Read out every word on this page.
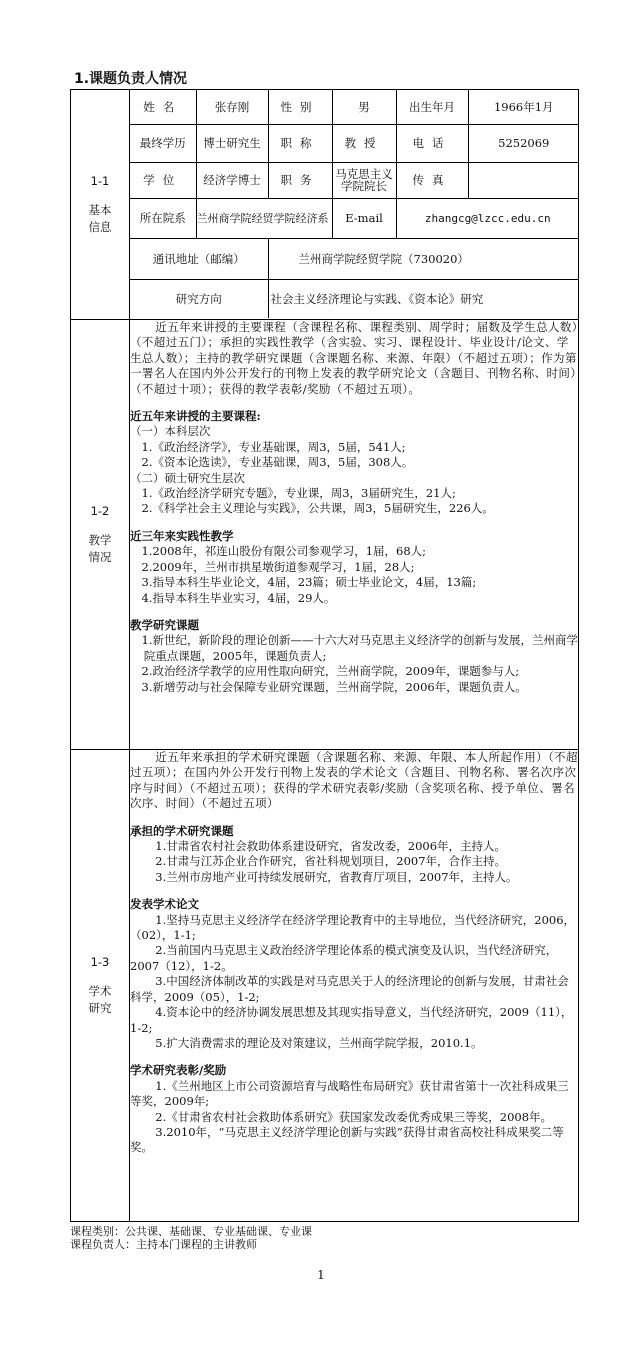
1.课题负责人情况
1-1
基本信息

姓名	张存刚	性别	男	出生年月	1966年1月
最终学历	博士研究生	职称	教授	电话	5252069
学位	经济学博士	职务	马克思主义学院院长	传真	
所在院系	兰州商学院经贸学院经济系	E-mail	zhangcg@lzcc.edu.cn
通讯地址（邮编）	兰州商学院经贸学院（730020）
研究方向	社会主义经济理论与实践、《资本论》研究

1-2
教学情况

近五年来讲授的主要课程（含课程名称、课程类别、周学时；届数及学生总人数）（不超过五门）；承担的实践性教学（含实验、实习、课程设计、毕业设计/论文、学生总人数）；主持的教学研究课题（含课题名称、来源、年限）（不超过五项）；作为第一署名人在国内外公开发行的刊物上发表的教学研究论文（含题目、刊物名称、时间）（不超过十项）；获得的教学表彰/奖励（不超过五项）。

近五年来讲授的主要课程:

（一）本科层次

1.《政治经济学》，专业基础课，周3，5届，541人;

2.《资本论选读》，专业基础课，周3，5届，308人。

（二）硕士研究生层次

1.《政治经济学研究专题》，专业课，周3，3届研究生，21人;

2.《科学社会主义理论与实践》，公共课，周3，5届研究生，226人。

近三年来实践性教学

1.2008年，祁连山股份有限公司参观学习，1届，68人;

2.2009年，兰州市拱星墩街道参观学习，1届，28人;

3.指导本科生毕业论文，4届，23篇；硕士毕业论文，4届，13篇;

4.指导本科生毕业实习，4届，29人。

教学研究课题

1.新世纪，新阶段的理论创新——十六大对马克思主义经济学的创新与发展，兰州商学院重点课题，2005年，课题负责人;

2.政治经济学教学的应用性取向研究，兰州商学院，2009年，课题参与人;

3.新增劳动与社会保障专业研究课题，兰州商学院，2006年，课题负责人。

1-3
学术研究

近五年来承担的学术研究课题（含课题名称、来源、年限、本人所起作用）（不超过五项）；在国内外公开发行刊物上发表的学术论文（含题目、刊物名称、署名次序次序与时间）（不超过五项）；获得的学术研究表彰/奖励（含奖项名称、授予单位、署名次序、时间）（不超过五项）

承担的学术研究课题

1.甘肃省农村社会救助体系建设研究，省发改委，2006年，主持人。

2.甘肃与江苏企业合作研究，省社科规划项目，2007年，合作主持。

3.兰州市房地产业可持续发展研究，省教育厅项目，2007年，主持人。

发表学术论文

1.坚持马克思主义经济学在经济学理论教育中的主导地位，当代经济研究，2006，（02），1-1;

2.当前国内马克思主义政治经济学理论体系的模式演变及认识，当代经济研究，2007（12），1-2。

3.中国经济体制改革的实践是对马克思关于人的经济理论的创新与发展，甘肃社会科学，2009（05），1-2;

4.资本论中的经济协调发展思想及其现实指导意义，当代经济研究，2009（11），1-2;

5.扩大消费需求的理论及对策建议，兰州商学院学报，2010.1。

学术研究表彰/奖励

1.《兰州地区上市公司资源培育与战略性布局研究》获甘肃省第十一次社科成果三等奖，2009年;

2.《甘肃省农村社会救助体系研究》获国家发改委优秀成果三等奖，2008年。

3.2010年，“马克思主义经济学理论创新与实践”获得甘肃省高校社科成果奖二等奖。

课程类别：公共课、基础课、专业基础课、专业课
课程负责人：主持本门课程的主讲教师
1
